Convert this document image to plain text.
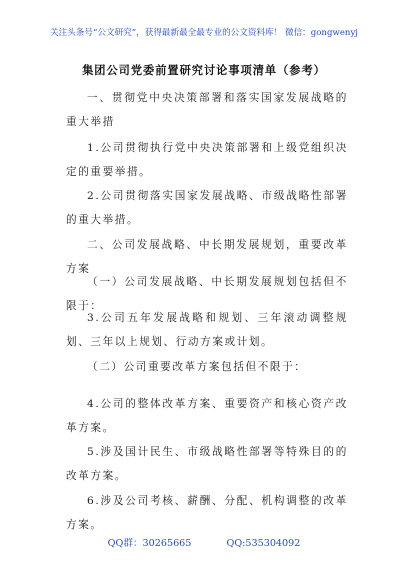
关注头条号“公文研究”，获得最新最全最专业的公文资料库！ 微信：gongwenyj
集团公司党委前置研究讨论事项清单（参考）
一、贯彻党中央决策部署和落实国家发展战略的重大举措
1.公司贯彻执行党中央决策部署和上级党组织决定的重要举措。
2.公司贯彻落实国家发展战略、市级战略性部署的重大举措。
二、公司发展战略、中长期发展规划，重要改革方案
（一）公司发展战略、中长期发展规划包括但不限于：
3.公司五年发展战略和规划、三年滚动调整规划、三年以上规划、行动方案或计划。
（二）公司重要改革方案包括但不限于：
4.公司的整体改革方案、重要资产和核心资产改革方案。
5.涉及国计民生、市级战略性部署等特殊目的的改革方案。
6.涉及公司考核、薪酬、分配、机构调整的改革方案。
QQ群：30265665	QQ:535304092
